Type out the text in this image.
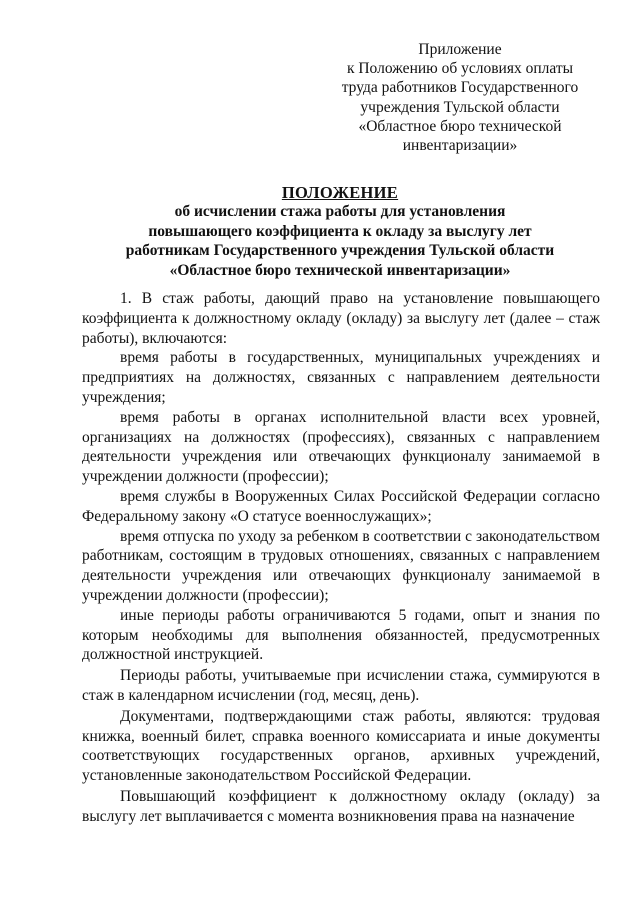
Приложение
к Положению об условиях оплаты
труда работников Государственного
учреждения Тульской области
«Областное бюро технической
инвентаризации»
ПОЛОЖЕНИЕ
об исчислении стажа работы для установления
повышающего коэффициента к окладу за выслугу лет
работникам Государственного учреждения Тульской области
«Областное бюро технической инвентаризации»

1. В стаж работы, дающий право на установление повышающего коэффициента к должностному окладу (окладу) за выслугу лет (далее – стаж работы), включаются:

время работы в государственных, муниципальных учреждениях и предприятиях на должностях, связанных с направлением деятельности учреждения;

время работы в органах исполнительной власти всех уровней, организациях на должностях (профессиях), связанных с направлением деятельности учреждения или отвечающих функционалу занимаемой в учреждении должности (профессии);

время службы в Вооруженных Силах Российской Федерации согласно Федеральному закону «О статусе военнослужащих»;

время отпуска по уходу за ребенком в соответствии с законодательством работникам, состоящим в трудовых отношениях, связанных с направлением деятельности учреждения или отвечающих функционалу занимаемой в учреждении должности (профессии);

иные периоды работы ограничиваются 5 годами, опыт и знания по которым необходимы для выполнения обязанностей, предусмотренных должностной инструкцией.

Периоды работы, учитываемые при исчислении стажа, суммируются в стаж в календарном исчислении (год, месяц, день).

Документами, подтверждающими стаж работы, являются: трудовая книжка, военный билет, справка военного комиссариата и иные документы соответствующих государственных органов, архивных учреждений, установленные законодательством Российской Федерации.

Повышающий коэффициент к должностному окладу (окладу) за выслугу лет выплачивается с момента возникновения права на назначение
